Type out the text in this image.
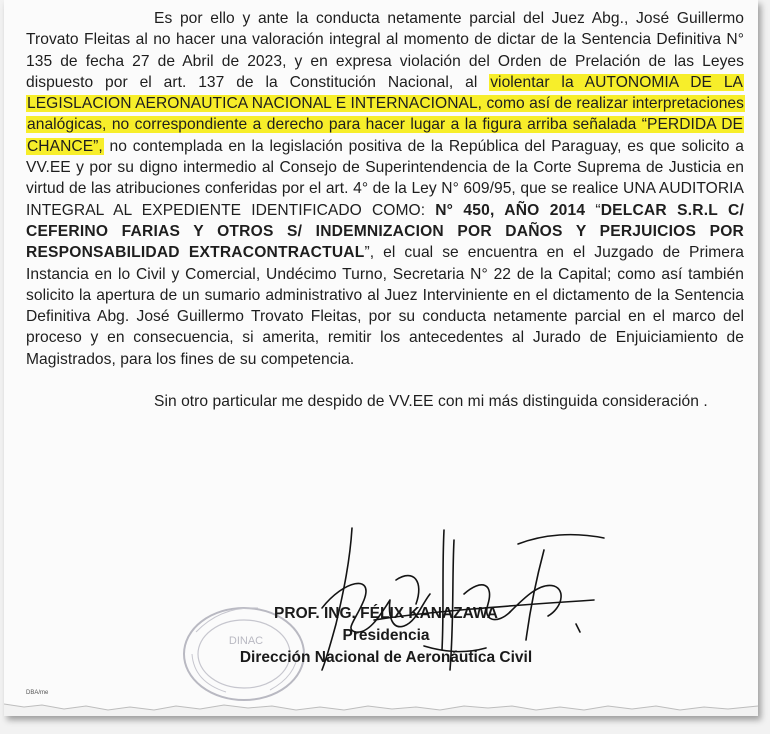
Es por ello y ante la conducta netamente parcial del Juez Abg., José Guillermo Trovato Fleitas al no hacer una valoración integral al momento de dictar de la Sentencia Definitiva N° 135 de fecha 27 de Abril de 2023, y en expresa violación del Orden de Prelación de las Leyes dispuesto por el art. 137 de la Constitución Nacional, al violentar la AUTONOMIA DE LA LEGISLACION AERONAUTICA NACIONAL E INTERNACIONAL, como así de realizar interpretaciones analógicas, no correspondiente a derecho para hacer lugar a la figura arriba señalada “PERDIDA DE CHANCE”, no contemplada en la legislación positiva de la República del Paraguay, es que solicito a VV.EE y por su digno intermedio al Consejo de Superintendencia de la Corte Suprema de Justicia en virtud de las atribuciones conferidas por el art. 4° de la Ley N° 609/95, que se realice UNA AUDITORIA INTEGRAL AL EXPEDIENTE IDENTIFICADO COMO: N° 450, AÑO 2014 “DELCAR S.R.L C/ CEFERINO FARIAS Y OTROS S/ INDEMNIZACION POR DAÑOS Y PERJUICIOS POR RESPONSABILIDAD EXTRACONTRACTUAL”, el cual se encuentra en el Juzgado de Primera Instancia en lo Civil y Comercial, Undécimo Turno, Secretaria N° 22 de la Capital; como así también solicito la apertura de un sumario administrativo al Juez Interviniente en el dictamento de la Sentencia Definitiva Abg. José Guillermo Trovato Fleitas, por su conducta netamente parcial en el marco del proceso y en consecuencia, si amerita, remitir los antecedentes al Jurado de Enjuiciamiento de Magistrados, para los fines de su competencia.

Sin otro particular me despido de VV.EE con mi más distinguida consideración .

DINAC
PROF. ING. FÉLIX KANAZAWA
Presidencia
Dirección Nacional de Aeronáutica Civil
DBA/me
